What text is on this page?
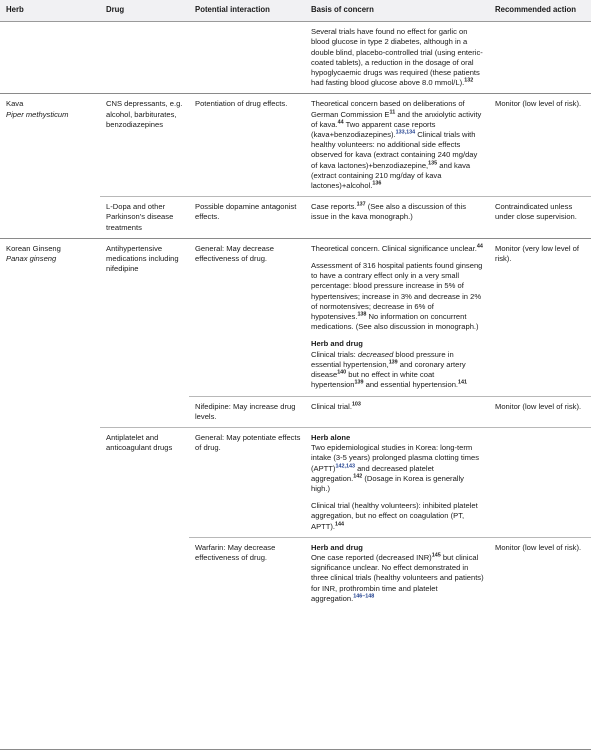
Herb	Drug	Potential interaction	Basis of concern	Recommended action
			Several trials have found no effect for garlic on blood glucose in type 2 diabetes, although in a double blind, placebo-controlled trial (using enteric-coated tablets), a reduction in the dosage of oral hypoglycaemic drugs was required (these patients had fasting blood glucose above 8.0 mmol/L).$^{132}$	
Kava
Piper methysticum	CNS depressants, e.g. alcohol, barbiturates, benzodiazepines	Potentiation of drug effects.	Theoretical concern based on deliberations of German Commission $E^{11}$ and the anxiolytic activity of kava.$^{44}$ Two apparent case reports (kava+benzodiazepines).$^{133,134}$ Clinical trials with healthy volunteers: no additional side effects observed for kava (extract containing 240 mg/day of kava lactones)+benzodiazepine,$^{135}$ and kava (extract containing 210 mg/day of kava lactones)+alcohol.$^{136}$	Monitor (low level of risk).
	L-Dopa and other Parkinson's disease treatments	Possible dopamine antagonist effects.	Case reports.$^{137}$ (See also a discussion of this issue in the kava monograph.)	Contraindicated unless under close supervision.
Korean Ginseng
Panax ginseng	Antihypertensive medications including nifedipine	General: May decrease effectiveness of drug.	Theoretical concern. Clinical significance unclear.$^{44}$
Assessment of 316 hospital patients found ginseng to have a contrary effect only in a very small percentage: blood pressure increase in 5% of hypertensives; increase in 3% and decrease in 2% of normotensives; decrease in 6% of hypotensives.$^{138}$ No information on concurrent medications. (See also discussion in monograph.)
Herb and drug
Clinical trials: decreased blood pressure in essential hypertension,$^{139}$ and coronary artery disease$^{140}$ but no effect in white coat hypertension$^{139}$ and essential hypertension.$^{141}$	Monitor (very low level of risk).
		Nifedipine: May increase drug levels.	Clinical trial.$^{103}$	Monitor (low level of risk).
	Antiplatelet and anticoagulant drugs	General: May potentiate effects of drug.	Herb alone
Two epidemiological studies in Korea: long-term intake (3-5 years) prolonged plasma clotting times (APTT)$^{142,143}$ and decreased platelet aggregation.$^{142}$ (Dosage in Korea is generally high.)
Clinical trial (healthy volunteers): inhibited platelet aggregation, but no effect on coagulation (PT, APTT).$^{144}$

		Warfarin: May decrease effectiveness of drug.	Herb and drug
One case reported (decreased INR)$^{145}$ but clinical significance unclear. No effect demonstrated in three clinical trials (healthy volunteers and patients) for INR, prothrombin time and platelet aggregation.$^{146-148}$	Monitor (low level of risk).
